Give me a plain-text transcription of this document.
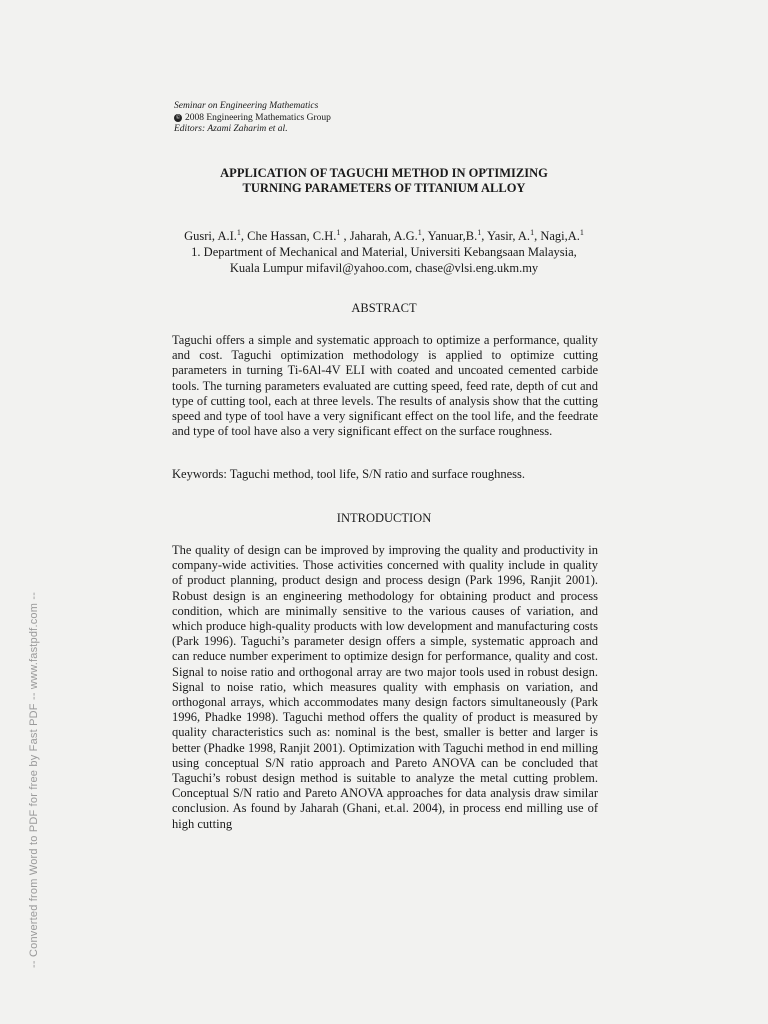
Seminar on Engineering Mathematics
© 2008 Engineering Mathematics Group
Editors: Azami Zaharim et al.
APPLICATION OF TAGUCHI METHOD IN OPTIMIZING
TURNING PARAMETERS OF TITANIUM ALLOY
Gusri, A.I.$^1$, Che Hassan, C.H.$^1$ , Jaharah, A.G.$^1$, Yanuar,B.$^1$, Yasir, A.$^1$, Nagi,A.$^1$
1. Department of Mechanical and Material, Universiti Kebangsaan Malaysia,
Kuala Lumpur mifavil@yahoo.com, chase@vlsi.eng.ukm.my
ABSTRACT

Taguchi offers a simple and systematic approach to optimize a performance, quality and cost. Taguchi optimization methodology is applied to optimize cutting parameters in turning Ti-6Al-4V ELI with coated and uncoated cemented carbide tools. The turning parameters evaluated are cutting speed, feed rate, depth of cut and type of cutting tool, each at three levels. The results of analysis show that the cutting speed and type of tool have a very significant effect on the tool life, and the feedrate and type of tool have also a very significant effect on the surface roughness.

Keywords: Taguchi method, tool life, S/N ratio and surface roughness.

INTRODUCTION

The quality of design can be improved by improving the quality and productivity in company-wide activities. Those activities concerned with quality include in quality of product planning, product design and process design (Park 1996, Ranjit 2001). Robust design is an engineering methodology for obtaining product and process condition, which are minimally sensitive to the various causes of variation, and which produce high-quality products with low development and manufacturing costs (Park 1996). Taguchi’s parameter design offers a simple, systematic approach and can reduce number experiment to optimize design for performance, quality and cost. Signal to noise ratio and orthogonal array are two major tools used in robust design. Signal to noise ratio, which measures quality with emphasis on variation, and orthogonal arrays, which accommodates many design factors simultaneously (Park 1996, Phadke 1998). Taguchi method offers the quality of product is measured by quality characteristics such as: nominal is the best, smaller is better and larger is better (Phadke 1998, Ranjit 2001). Optimization with Taguchi method in end milling using conceptual S/N ratio approach and Pareto ANOVA can be concluded that Taguchi’s robust design method is suitable to analyze the metal cutting problem. Conceptual S/N ratio and Pareto ANOVA approaches for data analysis draw similar conclusion. As found by Jaharah (Ghani, et.al. 2004), in process end milling use of high cutting

-- Converted from Word to PDF for free by Fast PDF -- www.fastpdf.com --
